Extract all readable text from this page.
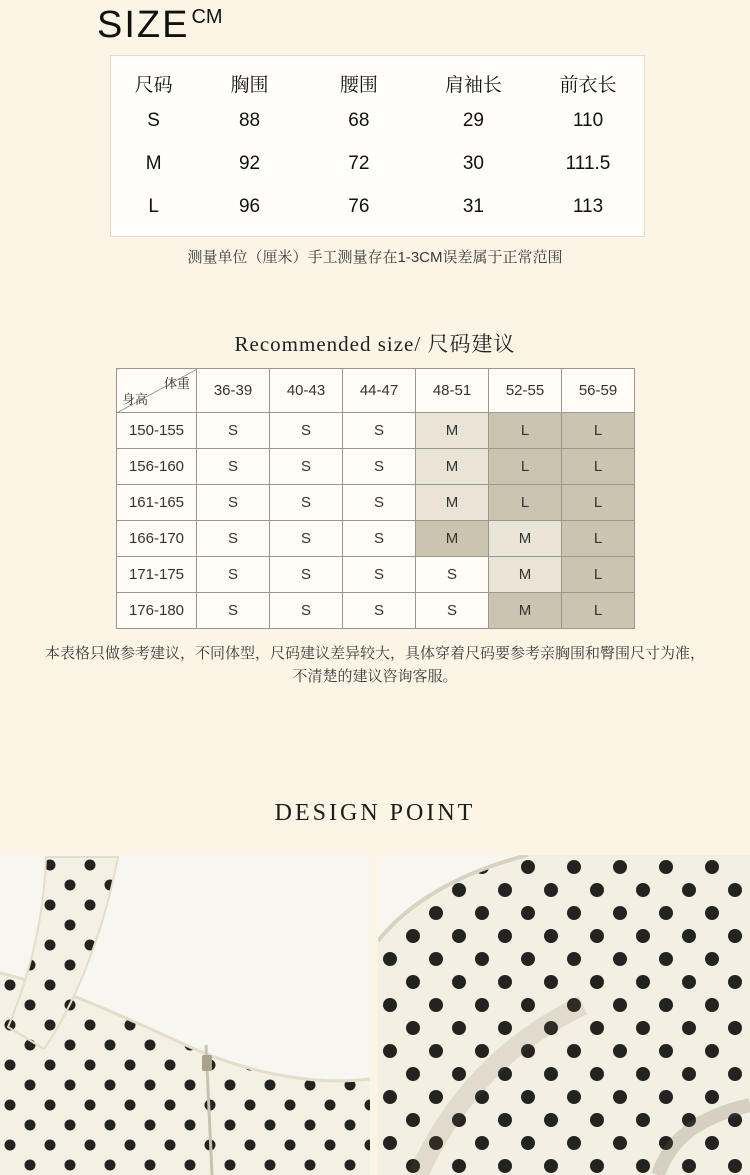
SIZE CM
尺码	胸围	腰围	肩袖长	前衣长
S	88	68	29	110
M	92	72	30	111.5
L	96	76	31	113

测量单位（厘米）手工测量存在1-3CM误差属于正常范围

Recommended size/ 尺码建议
体重
身高	36-39	40-43	44-47	48-51	52-55	56-59
150-155	S	S	S	M	L	L
156-160	S	S	S	M	L	L
161-165	S	S	S	M	L	L
166-170	S	S	S	M	M	L
171-175	S	S	S	S	M	L
176-180	S	S	S	S	M	L

本表格只做参考建议，不同体型，尺码建议差异较大，具体穿着尺码要参考亲胸围和臀围尺寸为准，

不清楚的建议咨询客服。

DESIGN POINT
